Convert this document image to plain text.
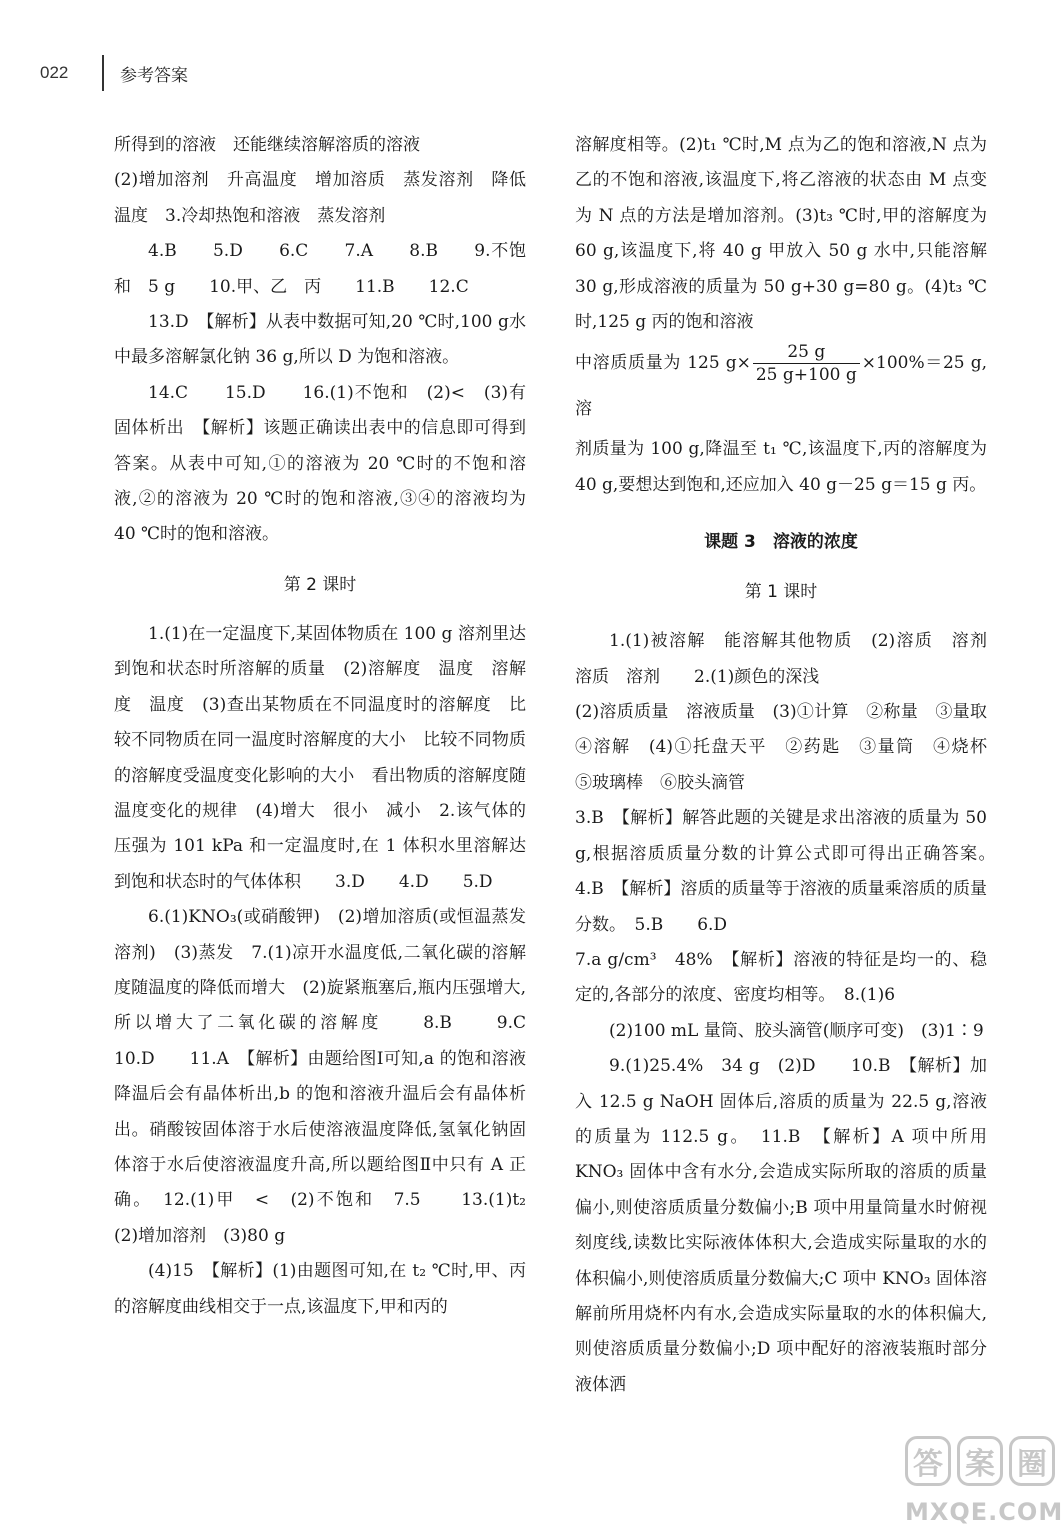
022	参考答案

所得到的溶液　还能继续溶解溶质的溶液

(2)增加溶剂　升高温度　增加溶质　蒸发溶剂　降低温度　3.冷却热饱和溶液　蒸发溶剂

4.B　　5.D　　6.C　　7.A　　8.B　　9.不饱和　5 g　　10.甲、乙　丙　　11.B　　12.C

13.D　【解析】从表中数据可知,20 ℃时,100 g水中最多溶解氯化钠 36 g,所以 D 为饱和溶液。

14.C　　15.D　　16.(1)不饱和　(2)<　(3)有固体析出　【解析】该题正确读出表中的信息即可得到答案。从表中可知,①的溶液为 20 ℃时的不饱和溶液,②的溶液为 20 ℃时的饱和溶液,③④的溶液均为 40 ℃时的饱和溶液。

第 2 课时

1.(1)在一定温度下,某固体物质在 100 g 溶剂里达到饱和状态时所溶解的质量　(2)溶解度　温度　溶解度　温度　(3)查出某物质在不同温度时的溶解度　比较不同物质在同一温度时溶解度的大小　比较不同物质的溶解度受温度变化影响的大小　看出物质的溶解度随温度变化的规律　(4)增大　很小　减小　2.该气体的压强为 101 kPa 和一定温度时,在 1 体积水里溶解达到饱和状态时的气体体积　　3.D　　4.D　　5.D

6.(1)KNO₃(或硝酸钾)　(2)增加溶质(或恒温蒸发溶剂)　(3)蒸发　7.(1)凉开水温度低,二氧化碳的溶解度随温度的降低而增大　(2)旋紧瓶塞后,瓶内压强增大,所以增大了二氧化碳的溶解度　　8.B　　9.C　　10.D　　11.A　【解析】由题给图Ⅰ可知,a 的饱和溶液降温后会有晶体析出,b 的饱和溶液升温后会有晶体析出。硝酸铵固体溶于水后使溶液温度降低,氢氧化钠固体溶于水后使溶液温度升高,所以题给图Ⅱ中只有 A 正确。　12.(1)甲　<　(2)不饱和　7.5　　13.(1)t₂　(2)增加溶剂　(3)80 g

(4)15　【解析】(1)由题图可知,在 t₂ ℃时,甲、丙的溶解度曲线相交于一点,该温度下,甲和丙的

溶解度相等。(2)t₁ ℃时,M 点为乙的饱和溶液,N 点为乙的不饱和溶液,该温度下,将乙溶液的状态由 M 点变为 N 点的方法是增加溶剂。(3)t₃ ℃时,甲的溶解度为 60 g,该温度下,将 40 g 甲放入 50 g 水中,只能溶解 30 g,形成溶液的质量为 50 g+30 g=80 g。(4)t₃ ℃时,125 g 丙的饱和溶液

中溶质质量为 125 $g\times \frac{25 g}{25 g+100 g} \times 100\%=25$ g,溶

剂质量为 100 g,降温至 t₁ ℃,该温度下,丙的溶解度为 40 g,要想达到饱和,还应加入 40 g－25 g＝15 g 丙。

课题 3　溶液的浓度
第 1 课时

1.(1)被溶解　能溶解其他物质　(2)溶质　溶剂　溶质　溶剂　　2.(1)颜色的深浅

(2)溶质质量　溶液质量　(3)①计算　②称量　③量取　④溶解　(4)①托盘天平　②药匙　③量筒　④烧杯　⑤玻璃棒　⑥胶头滴管

3.B　【解析】解答此题的关键是求出溶液的质量为 50 g,根据溶质质量分数的计算公式即可得出正确答案。　4.B　【解析】溶质的质量等于溶液的质量乘溶质的质量分数。　5.B　　6.D

7.a g/cm³　48%　【解析】溶液的特征是均一的、稳定的,各部分的浓度、密度均相等。　8.(1)6

(2)100 mL 量筒、胶头滴管(顺序可变)　(3)1∶9

9.(1)25.4%　34 g　(2)D　　10.B　【解析】加入 12.5 g NaOH 固体后,溶质的质量为 22.5 g,溶液的质量为 112.5 g。　11.B　【解析】A 项中所用 KNO₃ 固体中含有水分,会造成实际所取的溶质的质量偏小,则使溶质质量分数偏小;B 项中用量筒量水时俯视刻度线,读数比实际液体体积大,会造成实际量取的水的体积偏小,则使溶质质量分数偏大;C 项中 KNO₃ 固体溶解前所用烧杯内有水,会造成实际量取的水的体积偏大,则使溶质质量分数偏小;D 项中配好的溶液装瓶时部分液体洒

答 案 圈
MXQE.COM
